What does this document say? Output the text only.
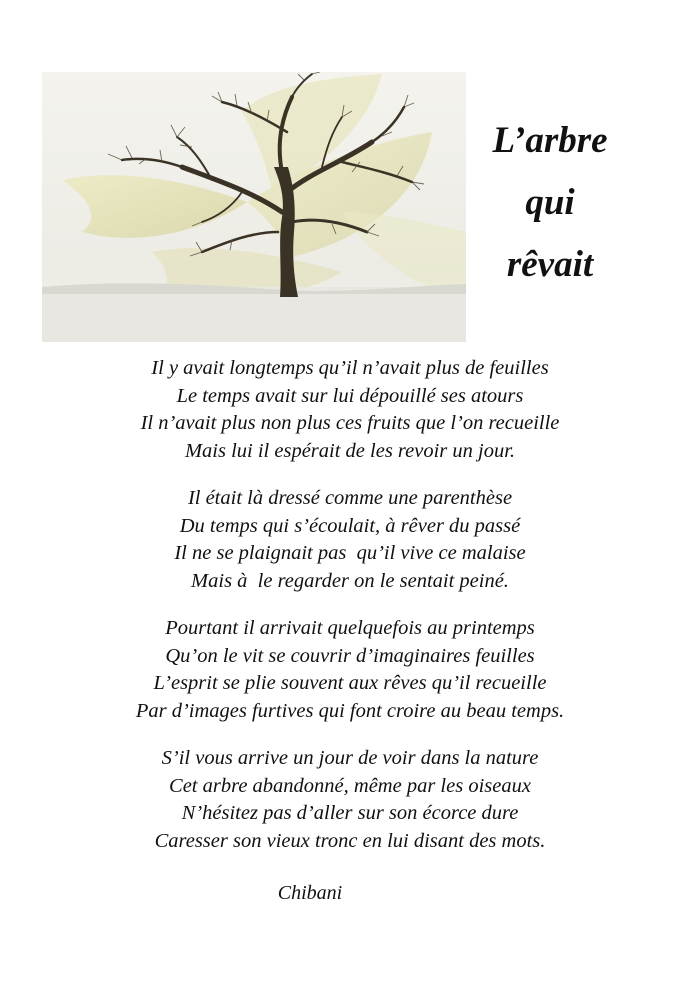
L’arbre
qui
rêvait

Il y avait longtemps qu’il n’avait plus de feuilles
Le temps avait sur lui dépouillé ses atours
Il n’avait plus non plus ces fruits que l’on recueille
Mais lui il espérait de les revoir un jour.

Il était là dressé comme une parenthèse
Du temps qui s’écoulait, à rêver du passé
Il ne se plaignait pas  qu’il vive ce malaise
Mais à  le regarder on le sentait peiné.

Pourtant il arrivait quelquefois au printemps
Qu’on le vit se couvrir d’imaginaires feuilles
L’esprit se plie souvent aux rêves qu’il recueille
Par d’images furtives qui font croire au beau temps.

S’il vous arrive un jour de voir dans la nature
Cet arbre abandonné, même par les oiseaux
N’hésitez pas d’aller sur son écorce dure
Caresser son vieux tronc en lui disant des mots.

Chibani
